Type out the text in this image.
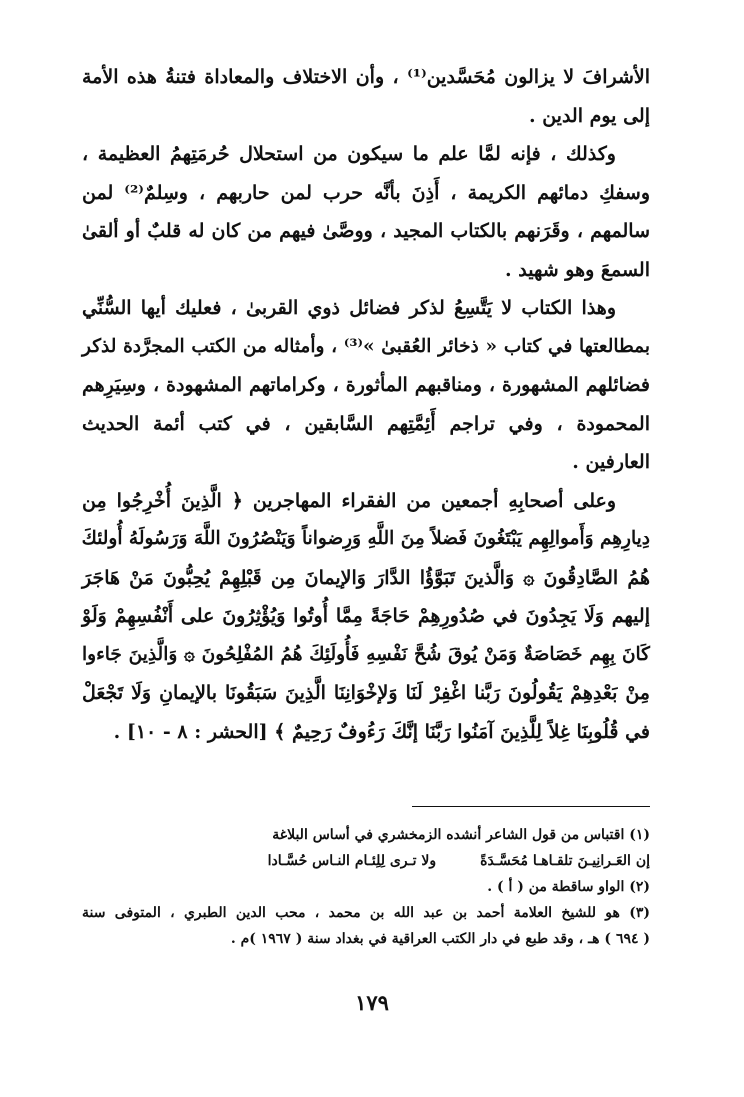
الأشرافَ لا يزالون مُحَسَّدين⁽¹⁾ ، وأن الاختلاف والمعاداة فتنةُ هذه الأمة
إلى يوم الدين .

وكذلك ، فإنه لمَّا علم ما سيكون من استحلال حُرمَتِهمُ العظيمة ،
وسفكِ دمائهم الكريمة ، أَذِنَ بأنَّه حرب لمن حاربهم ، وسِلمٌ⁽²⁾ لمن
سالمهم ، وقَرَنهم بالكتاب المجيد ، ووصَّىٰ فيهم من كان له قلبٌ أو ألقىٰ
السمعَ وهو شهيد .

وهذا الكتاب لا يَتَّسِعُ لذكر فضائل ذوي القربىٰ ، فعليك أيها السُّنِّي
بمطالعتها في كتاب « ذخائر العُقبىٰ »⁽³⁾ ، وأمثاله من الكتب المجرَّدة لذكر
فضائلهم المشهورة ، ومناقبهم المأثورة ، وكراماتهم المشهودة ، وسِيَرِهم
المحمودة ، وفي تراجم أَئِمَّتِهم السَّابقين ، في كتب أئمة الحديث
العارفين .

وعلى أصحابِهِ أجمعين من الفقراء المهاجرين ﴿ الَّذِينَ أُخْرِجُوا مِن
دِيارِهِم وَأَموالِهِم يَبْتَغُونَ فَضلاً مِنَ اللَّهِ وَرِضواناً وَيَنْصُرُونَ اللَّهَ وَرَسُولَهُ أُولئكَ
هُمُ الصَّادِقُونَ ۞ وَالَّذينَ تَبَوَّؤُا الدَّارَ وَالإيمانَ مِن قَبْلِهِمْ يُحِبُّونَ مَنْ هَاجَرَ
إليهم وَلَا يَجِدُونَ في صُدُورِهِمْ حَاجَةً مِمَّا أُوتُوا وَيُؤْثِرُونَ على أَنْفُسِهِمْ وَلَوْ
كَانَ بِهِم خَصَاصَةٌ وَمَنْ يُوقَ شُحَّ نَفْسِهِ فَأُولَئِكَ هُمُ المُفْلِحُونَ ۞ وَالَّذِينَ جَاءوا
مِنْ بَعْدِهِمْ يَقُولُونَ رَبَّنا اغْفِرْ لَنَا وَلإخْوَانِنَا الَّذِينَ سَبَقُونَا بالإيمانِ وَلَا تَجْعَلْ
في قُلُوبِنَا غِلاً لِلَّذِينَ آمَنُوا رَبَّنَا إنَّكَ رَءُوفٌ رَحِيمٌ ﴾ [الحشر : ٨ - ١٠] .

(١) اقتباس من قول الشاعر أنشده الزمخشري في أساس البلاغة
إن العَـرانِيـنَ تلقـاهـا مُحَسَّـدَةً
ولا تـرى لِلِئـام النـاس حُسَّـادا
(٢) الواو ساقطة من ( أ ) .
(٣) هو للشيخ العلامة أحمد بن عبد الله بن محمد ، محب الدين الطبري ، المتوفى سنة
( ٦٩٤ ) هـ ، وقد طبع في دار الكتب العراقية في بغداد سنة ( ١٩٦٧ )م .
١٧٩
